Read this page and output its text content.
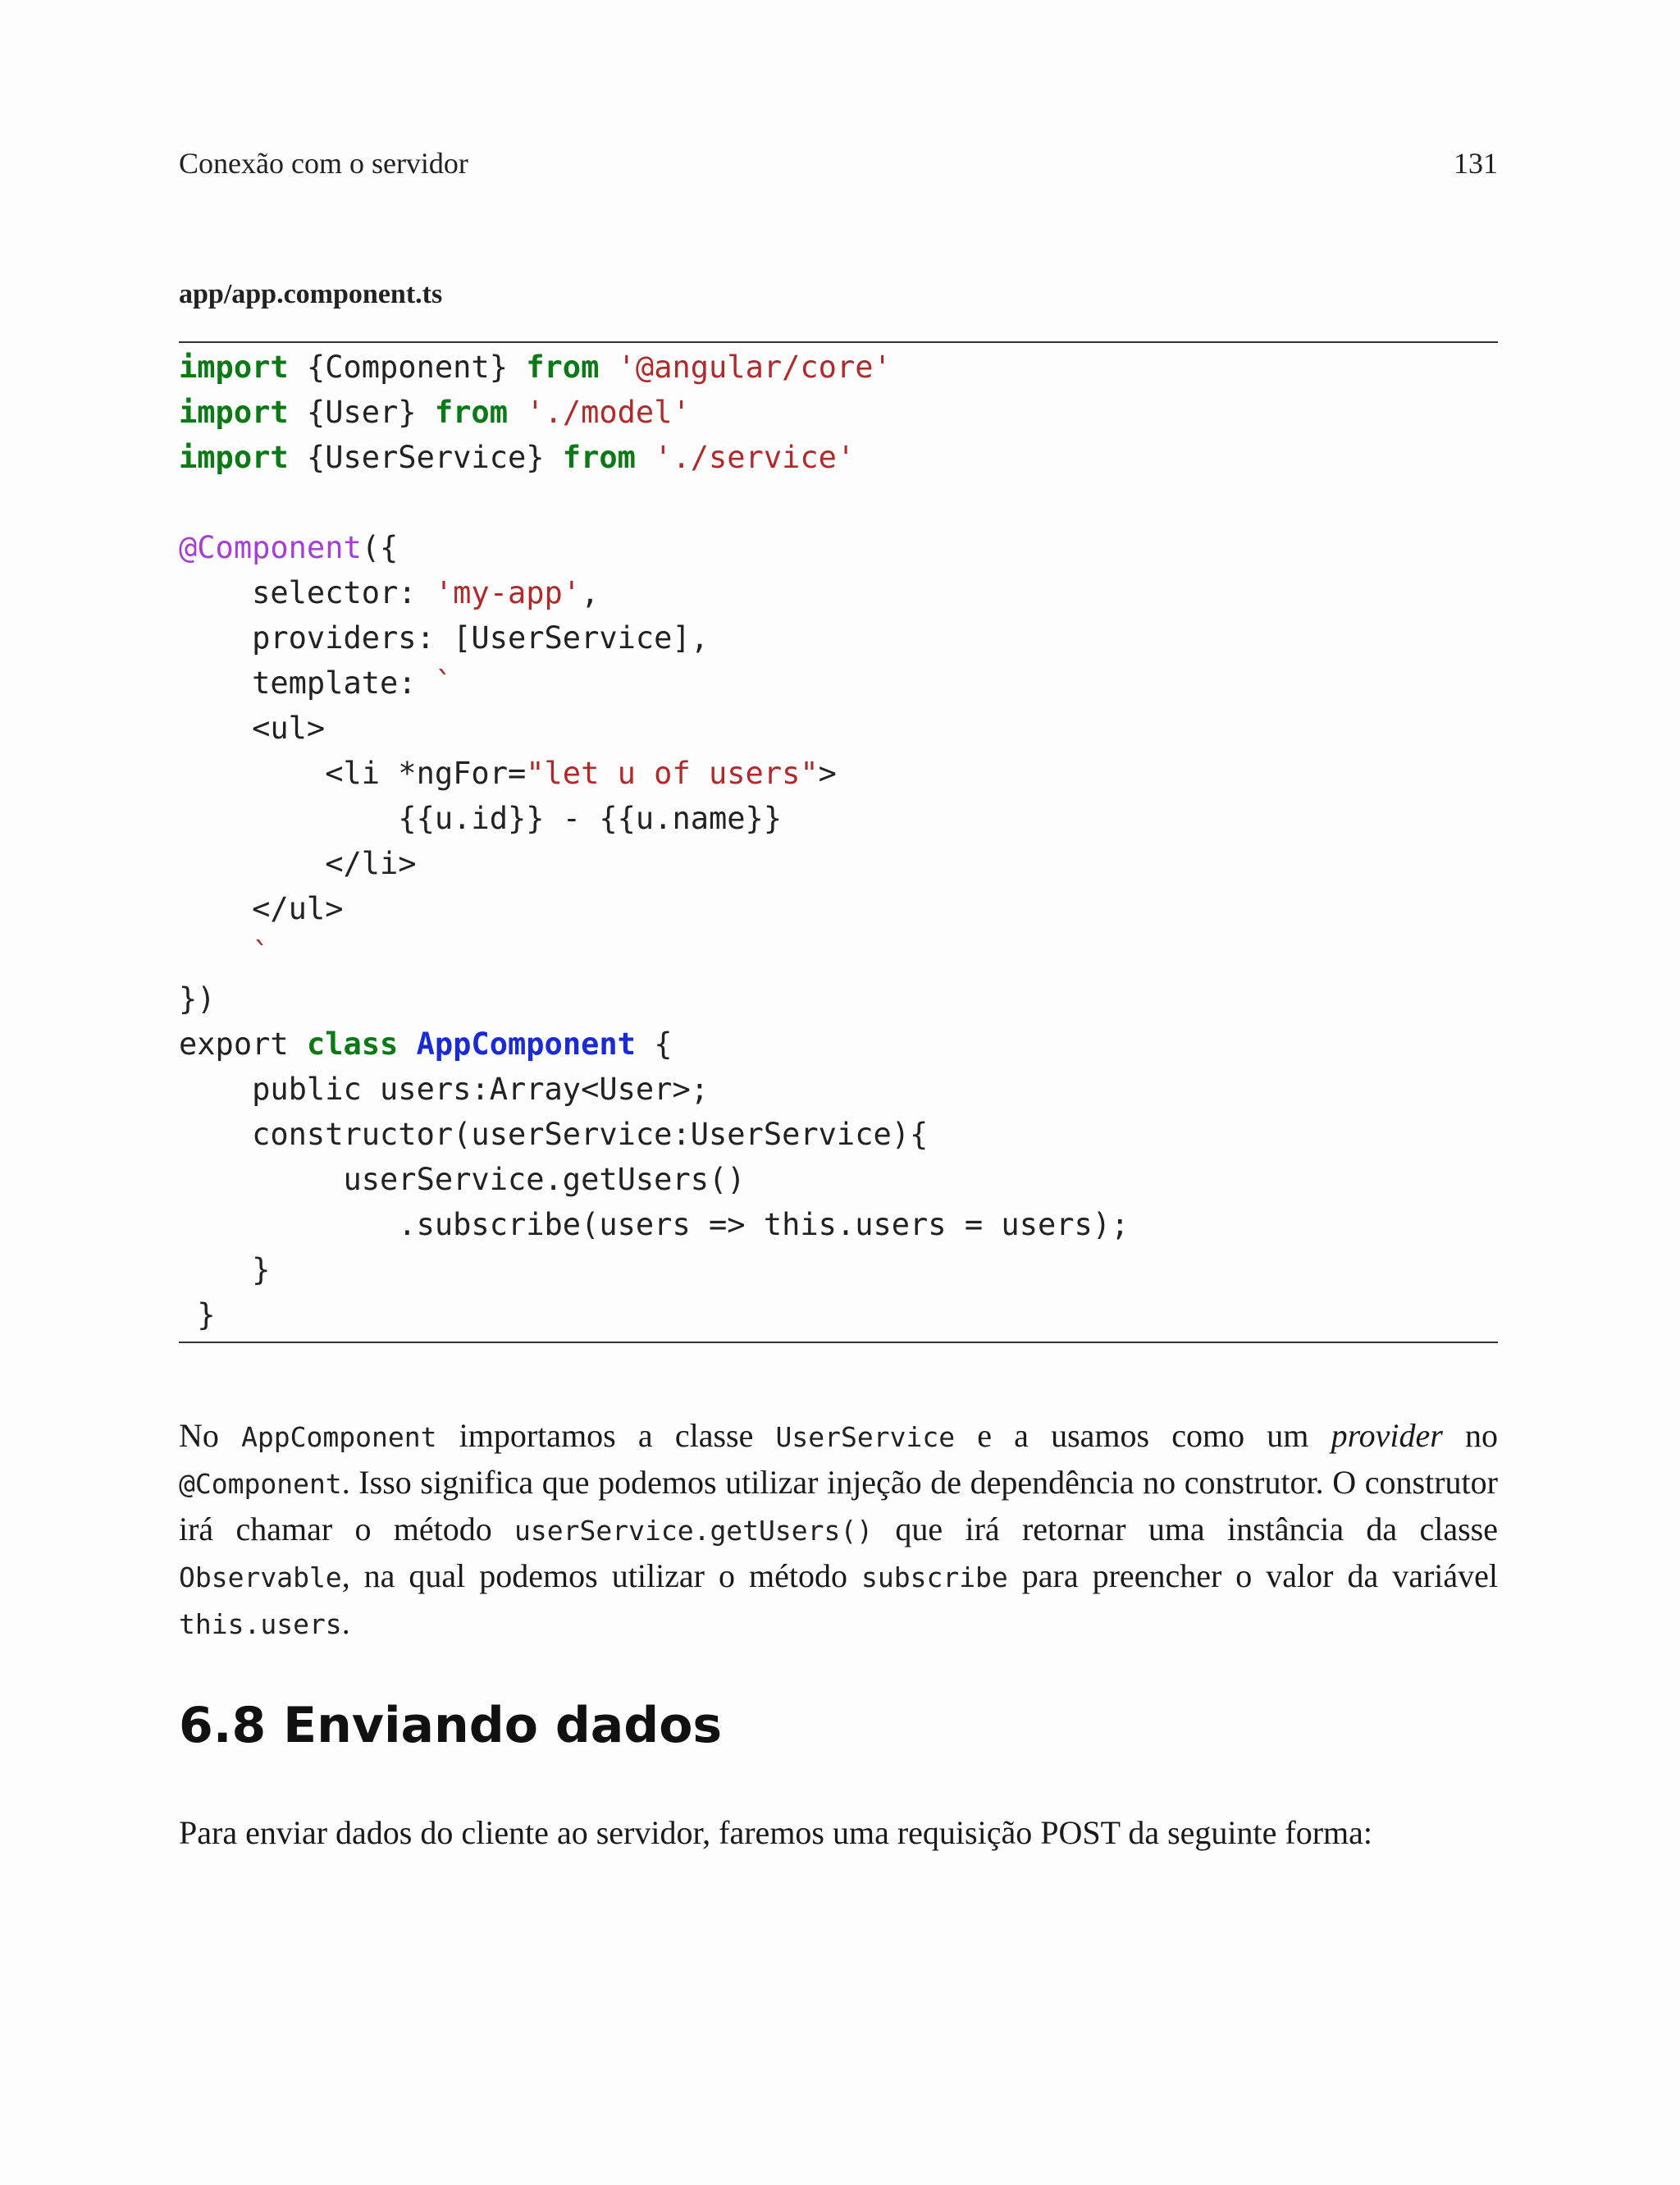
Conexão com o servidor	131
app/app.component.ts
import {Component} from '@angular/core'
import {User} from './model'
import {UserService} from './service'
@Component({
selector: 'my-app',
providers: [UserService],
template: `
<ul>
<li *ngFor="let u of users">
{{u.id}} - {{u.name}}
</li>
</ul>
`
})
export class AppComponent {
public users:Array<User>;
constructor(userService:UserService){
userService.getUsers()
.subscribe(users => this.users = users);
}
}
No AppComponent importamos a classe UserService e a usamos como um provider no @Component. Isso significa que podemos utilizar injeção de dependência no construtor. O construtor irá chamar o método userService.getUsers() que irá retornar uma instância da classe Observable, na qual podemos utilizar o método subscribe para preencher o valor da variável this.users.
6.8 Enviando dados
Para enviar dados do cliente ao servidor, faremos uma requisição POST da seguinte forma:
